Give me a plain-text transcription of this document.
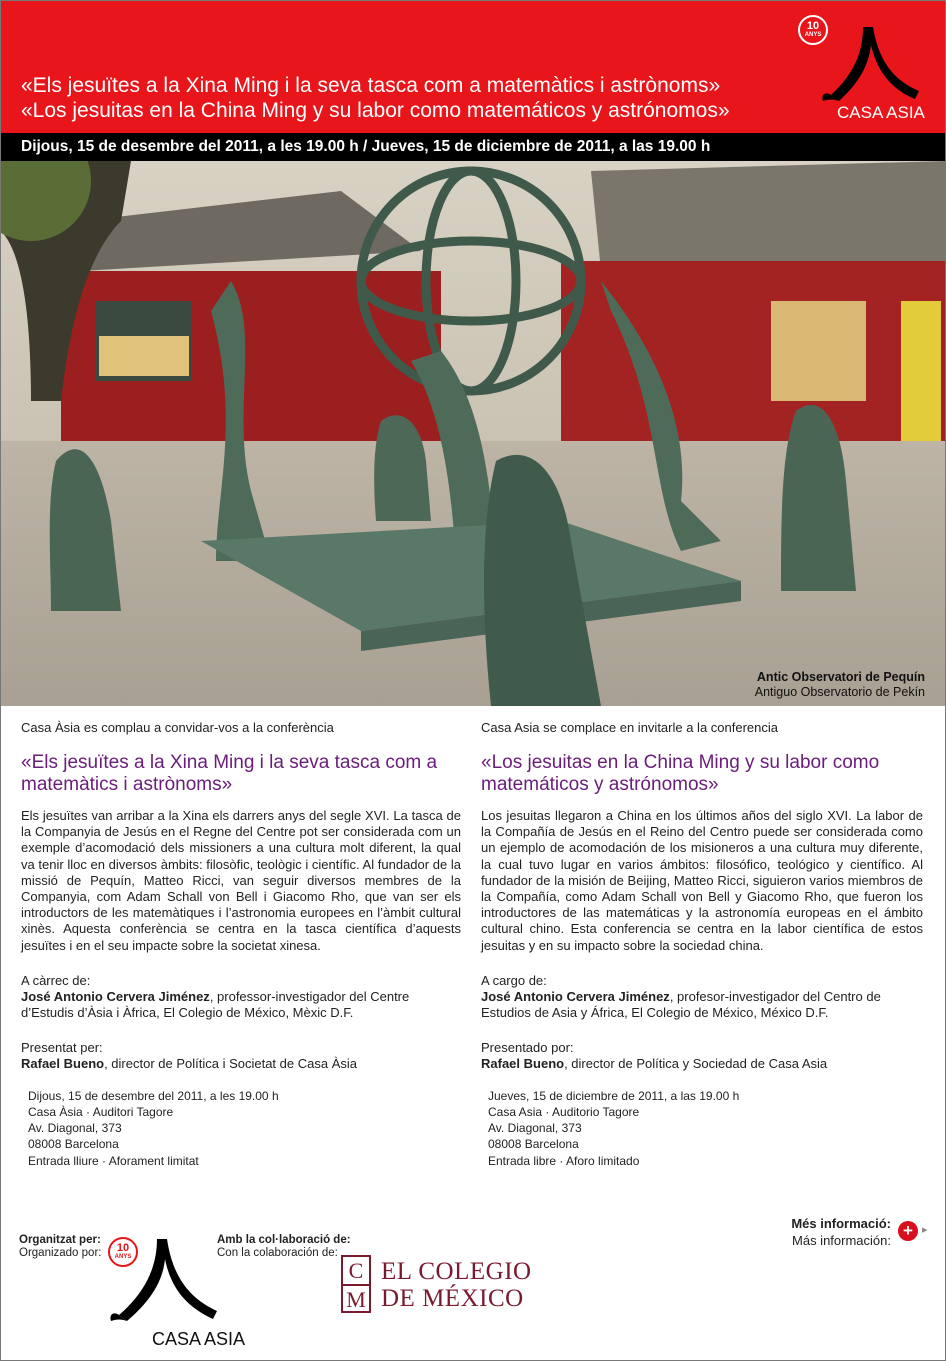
«Els jesuïtes a la Xina Ming i la seva tasca com a matemàtics i astrònoms»
«Los jesuitas en la China Ming y su labor como matemáticos y astrónomos»
10
ANYS
CASA ASIA
Dijous, 15 de desembre del 2011, a les 19.00 h / Jueves, 15 de diciembre de 2011, a las 19.00 h
Antic Observatori de Pequín
Antiguo Observatorio de Pekín
Casa Àsia es complau a convidar-vos a la conferència
«Els jesuïtes a la Xina Ming i la seva tasca com a matemàtics i astrònoms»
Els jesuïtes van arribar a la Xina els darrers anys del segle XVI. La tasca de la Companyia de Jesús en el Regne del Centre pot ser considerada com un exemple d’acomodació dels missioners a una cultura molt diferent, la qual va tenir lloc en diversos àmbits: filosòfic, teològic i científic. Al fundador de la missió de Pequín, Matteo Ricci, van seguir diversos membres de la Companyia, com Adam Schall von Bell i Giacomo Rho, que van ser els introductors de les matemàtiques i l’astronomia europees en l’àmbit cultural xinès. Aquesta conferència se centra en la tasca científica d’aquests jesuïtes i en el seu impacte sobre la societat xinesa.
A càrrec de:
José Antonio Cervera Jiménez, professor-investigador del Centre d’Estudis d’Àsia i Àfrica, El Colegio de México, Mèxic D.F.
Presentat per:
Rafael Bueno, director de Política i Societat de Casa Àsia
Dijous, 15 de desembre del 2011, a les 19.00 h
Casa Àsia · Auditori Tagore
Av. Diagonal, 373
08008 Barcelona
Entrada lliure · Aforament limitat
Casa Asia se complace en invitarle a la conferencia
«Los jesuitas en la China Ming y su labor como matemáticos y astrónomos»
Los jesuitas llegaron a China en los últimos años del siglo XVI. La labor de la Compañía de Jesús en el Reino del Centro puede ser considerada como un ejemplo de acomodación de los misioneros a una cultura muy diferente, la cual tuvo lugar en varios ámbitos: filosófico, teológico y científico. Al fundador de la misión de Beijing, Matteo Ricci, siguieron varios miembros de la Compañía, como Adam Schall von Bell y Giacomo Rho, que fueron los introductores de las matemáticas y la astronomía europeas en el ámbito cultural chino. Esta conferencia se centra en la labor científica de estos jesuitas y en su impacto sobre la sociedad china.
A cargo de:
José Antonio Cervera Jiménez, profesor-investigador del Centro de Estudios de Asia y África, El Colegio de México, México D.F.
Presentado por:
Rafael Bueno, director de Política y Sociedad de Casa Asia
Jueves, 15 de diciembre de 2011, a las 19.00 h
Casa Asia · Auditorio Tagore
Av. Diagonal, 373
08008 Barcelona
Entrada libre · Aforo limitado
Organitzat per:
Organizado por:	10
ANYS
CASA ASIA
Amb la col·laboració de:
Con la colaboración de:
C
M
EL COLEGIO
DE MÉXICO
Més informació:
Más información:
+ ▸
